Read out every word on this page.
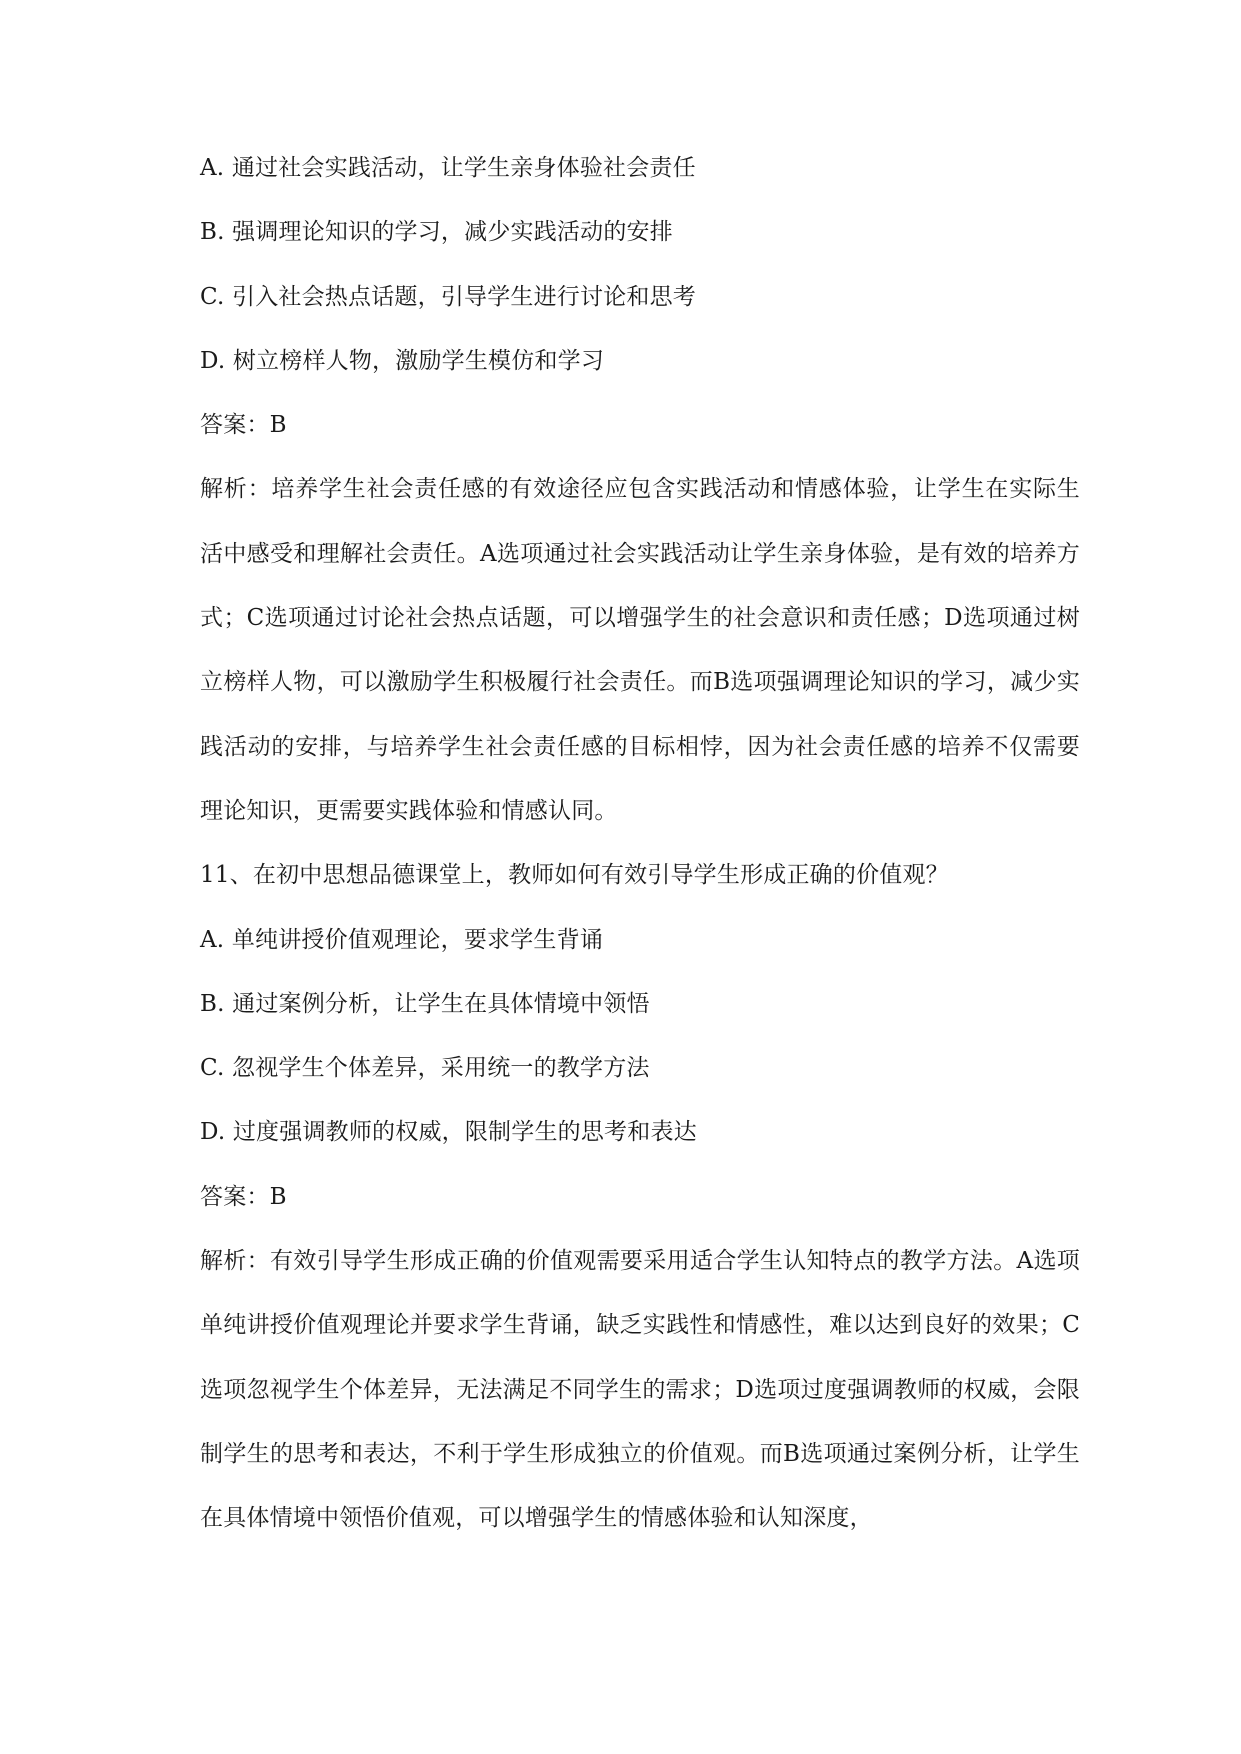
A. 通过社会实践活动，让学生亲身体验社会责任
B. 强调理论知识的学习，减少实践活动的安排
C. 引入社会热点话题，引导学生进行讨论和思考
D. 树立榜样人物，激励学生模仿和学习
答案：B

解析：培养学生社会责任感的有效途径应包含实践活动和情感体验，让学生在实际生活中感受和理解社会责任。A选项通过社会实践活动让学生亲身体验，是有效的培养方式；C选项通过讨论社会热点话题，可以增强学生的社会意识和责任感；D选项通过树立榜样人物，可以激励学生积极履行社会责任。而B选项强调理论知识的学习，减少实践活动的安排，与培养学生社会责任感的目标相悖，因为社会责任感的培养不仅需要理论知识，更需要实践体验和情感认同。

11、在初中思想品德课堂上，教师如何有效引导学生形成正确的价值观？
A. 单纯讲授价值观理论，要求学生背诵
B. 通过案例分析，让学生在具体情境中领悟
C. 忽视学生个体差异，采用统一的教学方法
D. 过度强调教师的权威，限制学生的思考和表达
答案：B

解析：有效引导学生形成正确的价值观需要采用适合学生认知特点的教学方法。A选项单纯讲授价值观理论并要求学生背诵，缺乏实践性和情感性，难以达到良好的效果；C选项忽视学生个体差异，无法满足不同学生的需求；D选项过度强调教师的权威，会限制学生的思考和表达，不利于学生形成独立的价值观。而B选项通过案例分析，让学生在具体情境中领悟价值观，可以增强学生的情感体验和认知深度，
